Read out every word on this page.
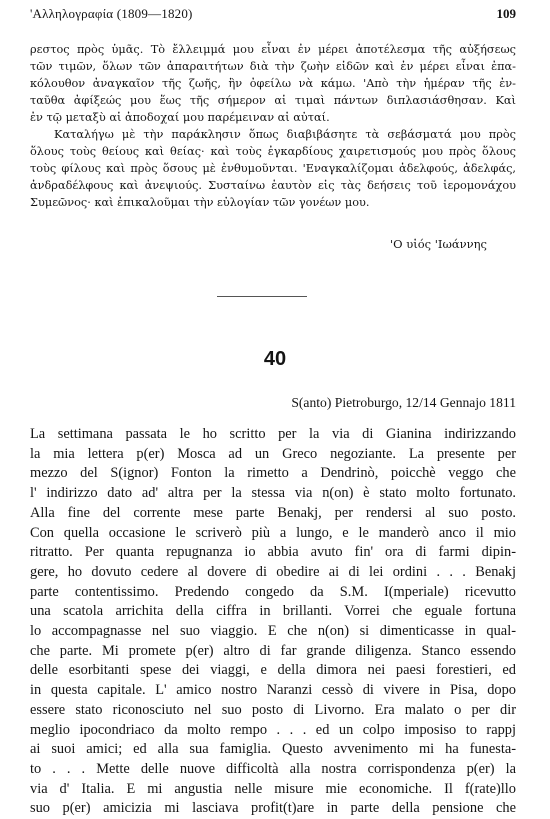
'Αλληλογραφία (1809—1820)	109

ρεστος πρὸς ὑμᾶς. Τὸ ἔλλειμμά μου εἶναι ἐν μέρει ἀποτέλεσμα τῆς αὐξήσεως

τῶν τιμῶν, ὅλων τῶν ἀπαραιτήτων διὰ τὴν ζωὴν εἰδῶν καὶ ἐν μέρει εἶναι ἐπα-

κόλουθον ἀναγκαῖον τῆς ζωῆς, ἣν ὀφείλω νὰ κάμω. 'Απὸ τὴν ἡμέραν τῆς ἐν-

ταῦθα ἀφίξεώς μου ἕως τῆς σήμερον αἱ τιμαὶ πάντων διπλασιάσθησαν. Καὶ

ἐν τῷ μεταξὺ αἱ ἀποδοχαί μου παρέμειναν αἱ αὐταί.

Καταλήγω μὲ τὴν παράκλησιν ὅπως διαβιβάσητε τὰ σεβάσματά μου πρὸς

ὅλους τοὺς θείους καὶ θείας· καὶ τοὺς ἐγκαρδίους χαιρετισμούς μου πρὸς ὅλους

τοὺς φίλους καὶ πρὸς ὅσους μὲ ἐνθυμοῦνται. 'Εναγκαλίζομαι ἀδελφούς, ἀδελφάς,

ἀνδραδέλφους καὶ ἀνεψιούς. Συσταίνω ἑαυτὸν εἰς τὰς δεήσεις τοῦ ἱερομονάχου

Συμεῶνος· καὶ ἐπικαλοῦμαι τὴν εὐλογίαν τῶν γονέων μου.

'Ο υἱός 'Ιωάννης
40
S(anto) Pietroburgo, 12/14 Gennajo 1811

La settimana passata le ho scritto per la via di Gianina indirizzando

la mia lettera p(er) Mosca ad un Greco negoziante. La presente per

mezzo del S(ignor) Fonton la rimetto a Dendrinò, poicchè veggo che

l' indirizzo dato ad' altra per la stessa via n(on) è stato molto fortunato.

Alla fine del corrente mese parte Benakj, per rendersi al suo posto.

Con quella occasione le scriverò più a lungo, e le manderò anco il mio

ritratto. Per quanta repugnanza io abbia avuto fin' ora di farmi dipin-

gere, ho dovuto cedere al dovere di obedire ai di lei ordini . . . Benakj

parte contentissimo. Predendo congedo da S.M. I(mperiale) ricevutto

una scatola arrichita della ciffra in brillanti. Vorrei che eguale fortuna

lo accompagnasse nel suo viaggio. E che n(on) si dimenticasse in qual-

che parte. Mi promete p(er) altro di far grande diligenza. Stanco essendo

delle esorbitanti spese dei viaggi, e della dimora nei paesi forestieri, ed

in questa capitale. L' amico nostro Naranzi cessò di vivere in Pisa, dopo

essere stato riconosciuto nel suo posto di Livorno. Era malato o per dir

meglio ipocondriaco da molto rempo . . . ed un colpo imposiso to rappj

ai suoi amici; ed alla sua famiglia. Questo avvenimento mi ha funesta-

to . . . Mette delle nuove difficoltà alla nostra corrispondenza p(er) la

via d' Italia. E mi angustia nelle misure mie economiche. Il f(rate)llo

suo p(er) amicizia mi lasciava profit(t)are in parte della pensione che
